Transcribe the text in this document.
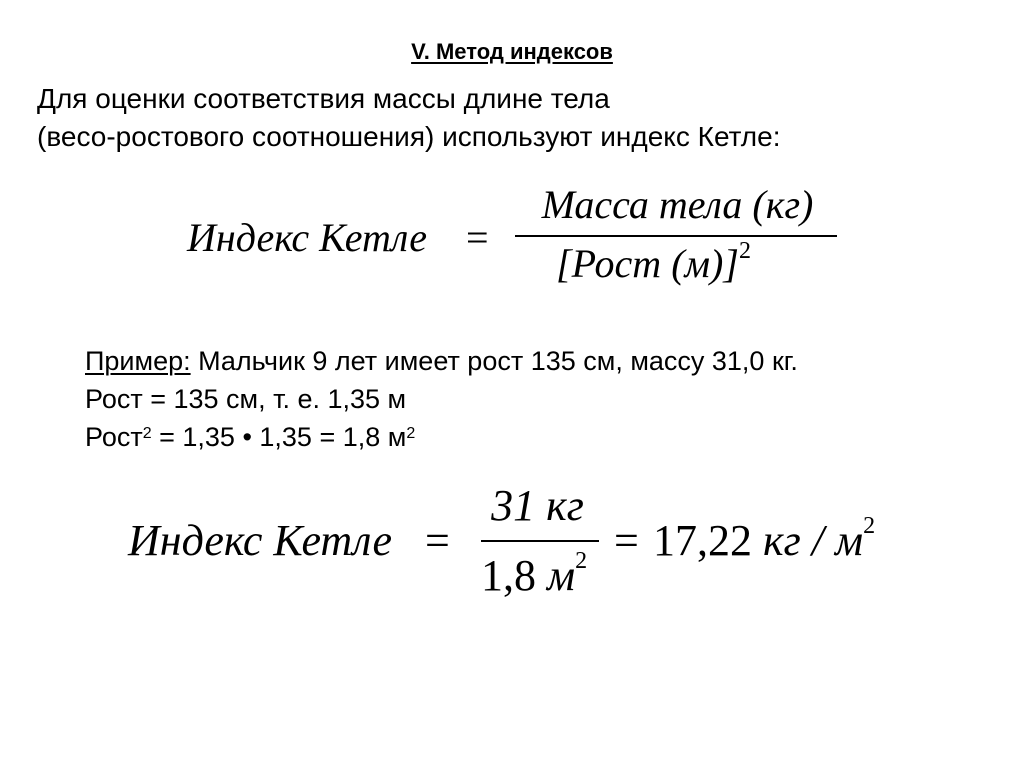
V. Метод индексов
Для оценки соответствия массы длине тела
(весо-ростового соотношения) используют индекс Кетле:
Индекс Кетле =
Масса тела (кг)
[Рост (м)]$^2$
Пример: Мальчик 9 лет имеет рост 135 см, массу 31,0 кг.
Рост = 135 см, т. е. 1,35 м
Рост$^2$ = 1,35 • 1,35 = 1,8 $м^2$
Индекс Кетле =
31 кг
1,8 $м^2 = 17,22$ кг / $м^2$
